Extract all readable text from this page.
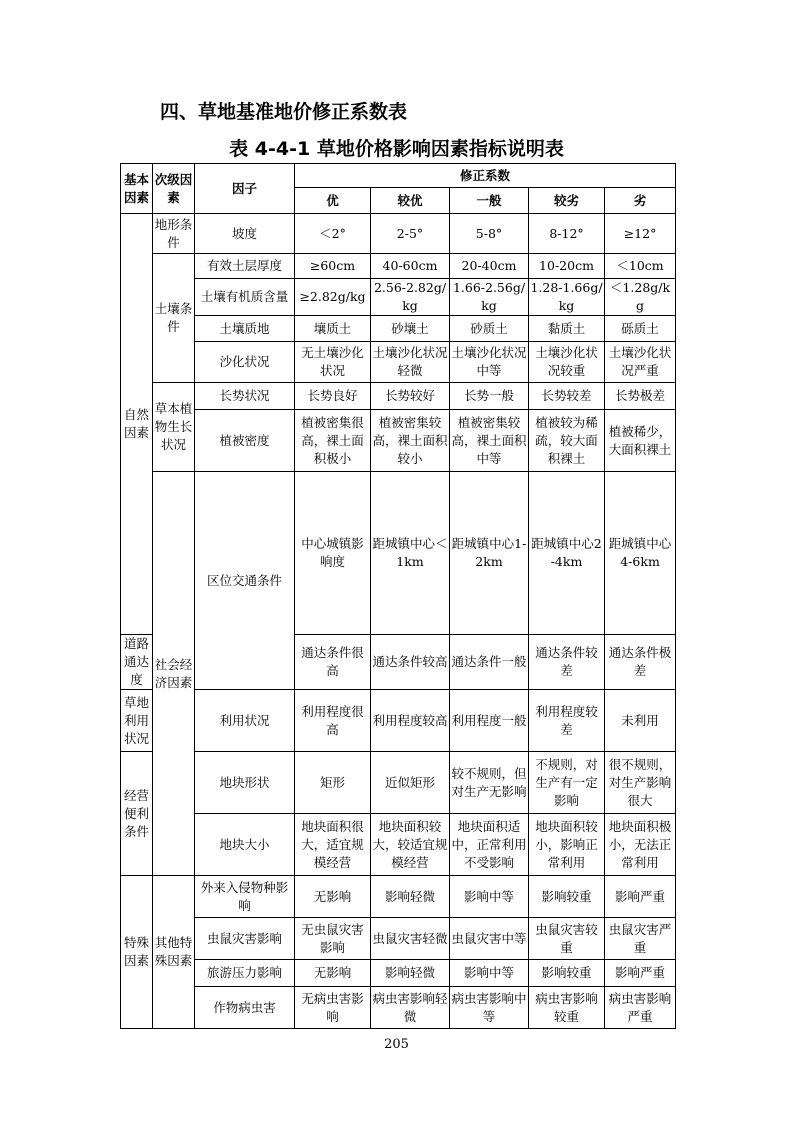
四、草地基准地价修正系数表
表 4-4-1 草地价格影响因素指标说明表
基本因素	次级因素	因子	修正系数					
			优	较优	一般	较劣	劣	
自然因素	地形条件	坡度	＜2°	2-5°	5-8°	8-12°	≥12°	
	土壤条件	有效土层厚度	≥60cm	40-60cm	20-40cm	10-20cm	＜10cm	
		土壤有机质含量	≥2.82g/kg	2.56-2.82g/kg	1.66-2.56g/kg	1.28-1.66g/kg	＜1.28g/kg	
		土壤质地	壤质土	砂壤土	砂质土	黏质土	砾质土	
		沙化状况	无土壤沙化状况	土壤沙化状况轻微	土壤沙化状况中等	土壤沙化状况较重	土壤沙化状况严重	
	草本植物生长状况	长势状况	长势良好	长势较好	长势一般	长势较差	长势极差	
		植被密度	植被密集很高，裸土面积极小	植被密集较高，裸土面积较小	植被密集较高，裸土面积中等	植被较为稀疏，较大面积裸土	植被稀少，大面积裸土	
	社会经济因素	区位交通条件	中心城镇影响度	距城镇中心＜1km	距城镇中心1-2km	距城镇中心2-4km	距城镇中心4-6km	
道路通达度			通达条件很高	通达条件较高	通达条件一般	通达条件较差	通达条件极差	
草地利用状况		利用状况	利用程度很高	利用程度较高	利用程度一般	利用程度较差	未利用	
经营便利条件		地块形状	矩形	近似矩形	较不规则，但对生产无影响	不规则，对生产有一定影响	很不规则，对生产影响很大	
		地块大小	地块面积很大，适宜规模经营	地块面积较大，较适宜规模经营	地块面积适中，正常利用不受影响	地块面积较小，影响正常利用	地块面积极小，无法正常利用	
特殊因素	其他特殊因素	外来入侵物种影响	无影响	影响轻微	影响中等	影响较重	影响严重	
		虫鼠灾害影响	无虫鼠灾害影响	虫鼠灾害轻微	虫鼠灾害中等	虫鼠灾害较重	虫鼠灾害严重	
		旅游压力影响	无影响	影响轻微	影响中等	影响较重	影响严重	
		作物病虫害	无病虫害影响	病虫害影响轻微	病虫害影响中等	病虫害影响较重	病虫害影响严重	
205
